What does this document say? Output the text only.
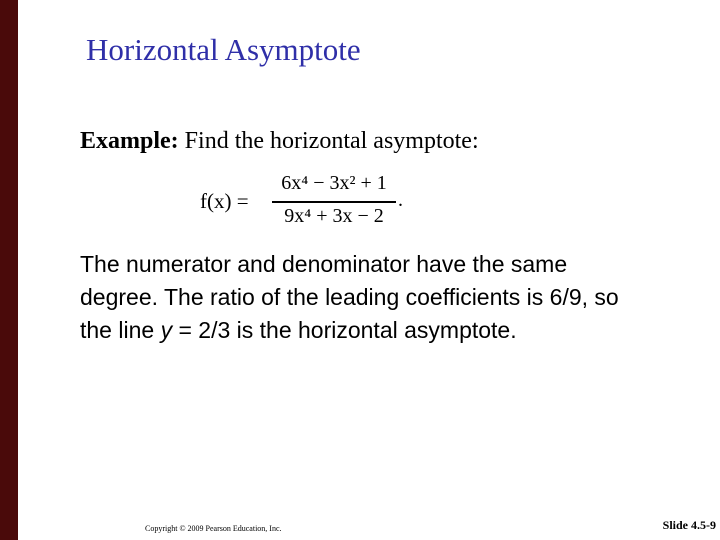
Horizontal Asymptote
Example: Find the horizontal asymptote:
f(x) =
6x⁴ − 3x² + 1
9x⁴ + 3x − 2
.
The numerator and denominator have the same
degree. The ratio of the leading coefficients is 6/9, so
the line y = 2/3 is the horizontal asymptote.
Copyright © 2009 Pearson Education, Inc.	Slide 4.5-9
